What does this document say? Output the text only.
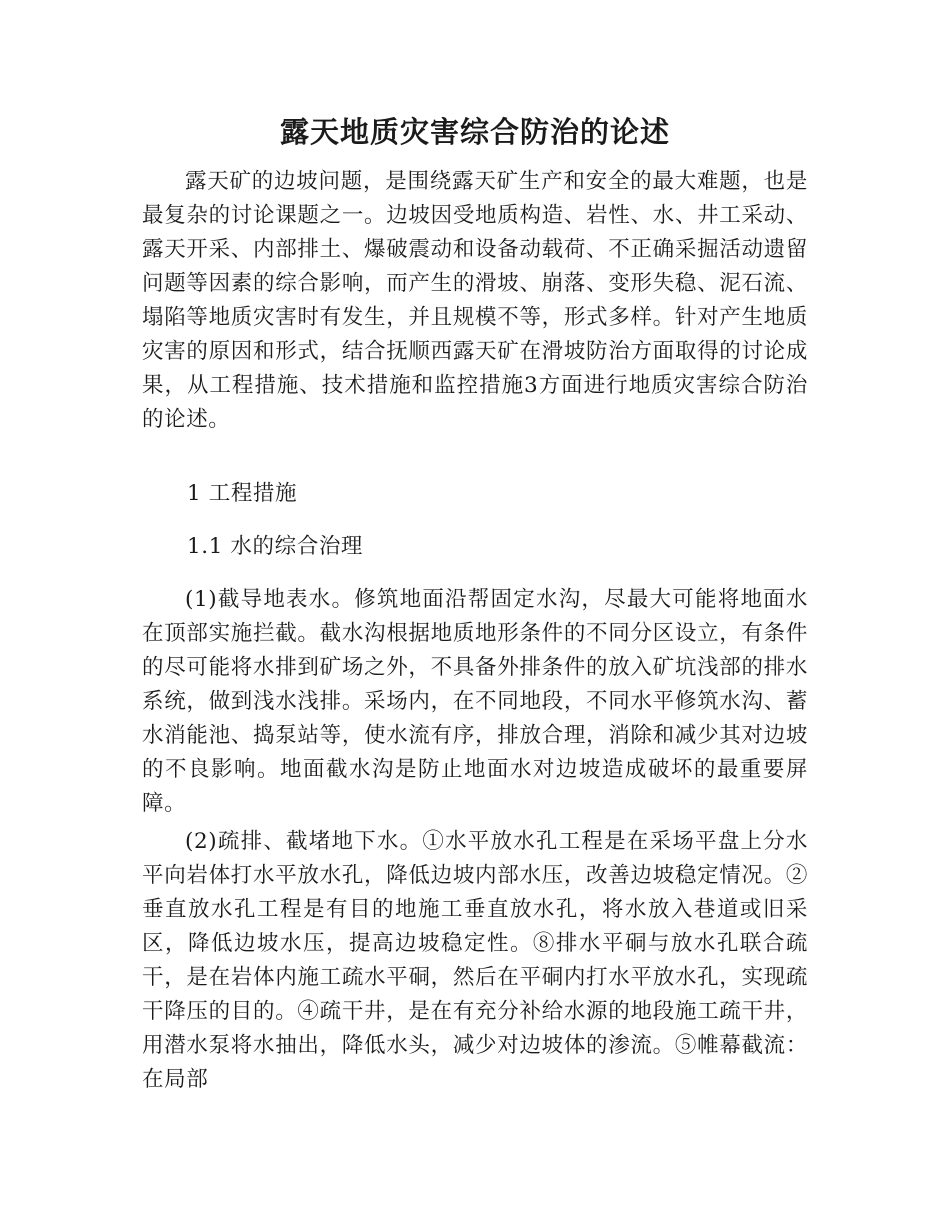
露天地质灾害综合防治的论述

露天矿的边坡问题，是围绕露天矿生产和安全的最大难题，也是最复杂的讨论课题之一。边坡因受地质构造、岩性、水、井工采动、露天开采、内部排土、爆破震动和设备动载荷、不正确采掘活动遗留问题等因素的综合影响，而产生的滑坡、崩落、变形失稳、泥石流、塌陷等地质灾害时有发生，并且规模不等，形式多样。针对产生地质灾害的原因和形式，结合抚顺西露天矿在滑坡防治方面取得的讨论成果，从工程措施、技术措施和监控措施3方面进行地质灾害综合防治的论述。

1 工程措施

1.1 水的综合治理

(1)截导地表水。修筑地面沿帮固定水沟，尽最大可能将地面水在顶部实施拦截。截水沟根据地质地形条件的不同分区设立，有条件的尽可能将水排到矿场之外，不具备外排条件的放入矿坑浅部的排水系统，做到浅水浅排。采场内，在不同地段，不同水平修筑水沟、蓄水消能池、捣泵站等，使水流有序，排放合理，消除和减少其对边坡的不良影响。地面截水沟是防止地面水对边坡造成破坏的最重要屏障。

(2)疏排、截堵地下水。①水平放水孔工程是在采场平盘上分水平向岩体打水平放水孔，降低边坡内部水压，改善边坡稳定情况。②垂直放水孔工程是有目的地施工垂直放水孔，将水放入巷道或旧采区，降低边坡水压，提高边坡稳定性。⑧排水平硐与放水孔联合疏干，是在岩体内施工疏水平硐，然后在平硐内打水平放水孔，实现疏干降压的目的。④疏干井，是在有充分补给水源的地段施工疏干井，用潜水泵将水抽出，降低水头，减少对边坡体的渗流。⑤帷幕截流：在局部
